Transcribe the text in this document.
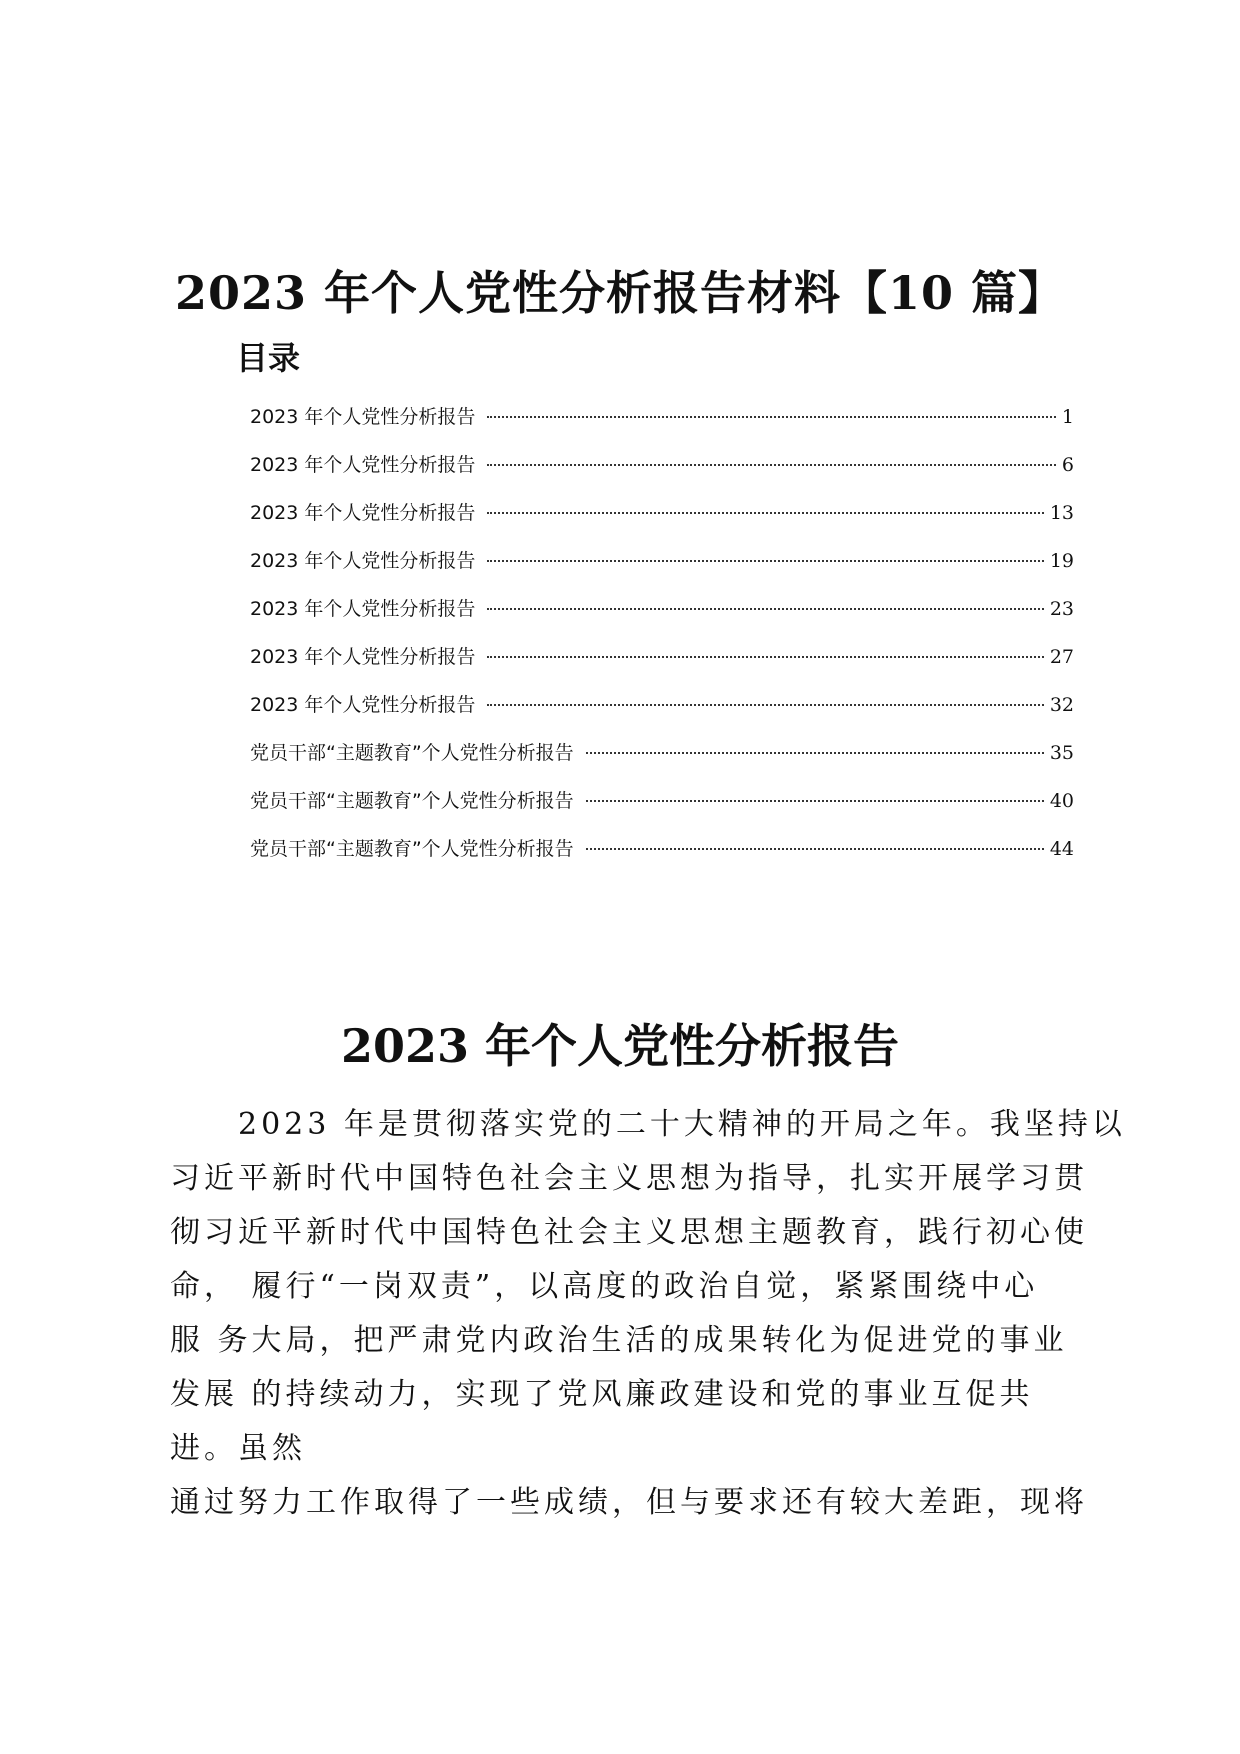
2023 年个人党性分析报告材料【10 篇】
目录
2023 年个人党性分析报告	1
2023 年个人党性分析报告	6
2023 年个人党性分析报告	13
2023 年个人党性分析报告	19
2023 年个人党性分析报告	23
2023 年个人党性分析报告	27
2023 年个人党性分析报告	32
党员干部“主题教育”个人党性分析报告	35
党员干部“主题教育”个人党性分析报告	40
党员干部“主题教育”个人党性分析报告	44
2023 年个人党性分析报告

　　2023 年是贯彻落实党的二十大精神的开局之年。我坚持以
习近平新时代中国特色社会主义思想为指导，扎实开展学习贯
彻习近平新时代中国特色社会主义思想主题教育，践行初心使
命， 履行“一岗双责”，以高度的政治自觉，紧紧围绕中心
服 务大局，把严肃党内政治生活的成果转化为促进党的事业
发展 的持续动力，实现了党风廉政建设和党的事业互促共
进。虽然
通过努力工作取得了一些成绩，但与要求还有较大差距，现将
